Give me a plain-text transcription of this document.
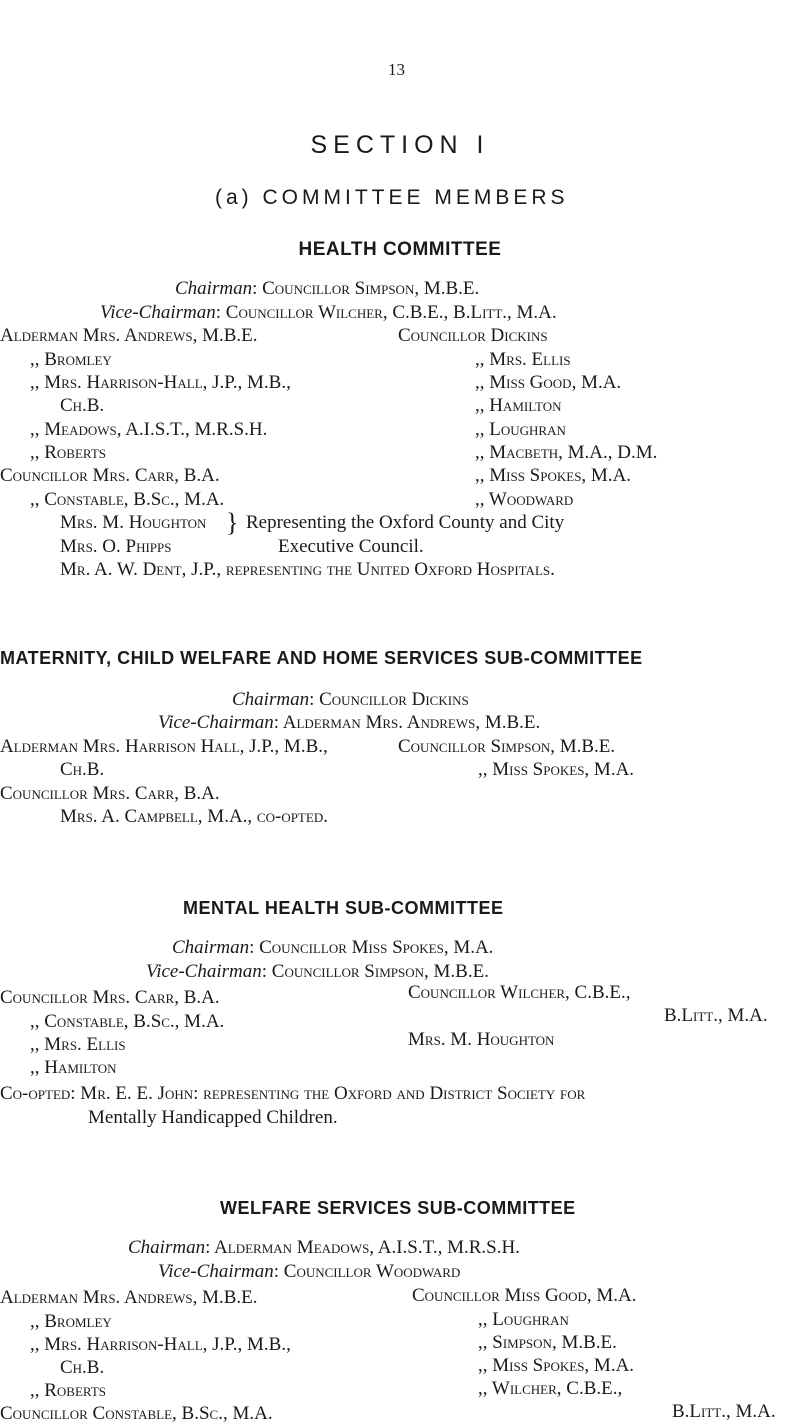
13
SECTION I
(a) COMMITTEE MEMBERS
HEALTH COMMITTEE
Chairman: Councillor Simpson, M.B.E.
Vice-Chairman: Councillor Wilcher, C.B.E., B.Litt., M.A.
Alderman Mrs. Andrews, M.B.E.
,, Bromley
,, Mrs. Harrison-Hall, J.P., M.B.,
Ch.B.
,, Meadows, A.I.S.T., M.R.S.H.
,, Roberts
Councillor Mrs. Carr, B.A.
,, Constable, B.Sc., M.A.
Councillor Dickins
,, Mrs. Ellis
,, Miss Good, M.A.
,, Hamilton
,, Loughran
,, Macbeth, M.A., D.M.
,, Miss Spokes, M.A.
,, Woodward
Mrs. M. Houghton
Mrs. O. Phipps
} Representing the Oxford County and City
Executive Council.
Mr. A. W. Dent, J.P., representing the United Oxford Hospitals.
MATERNITY, CHILD WELFARE AND HOME SERVICES SUB-COMMITTEE
Chairman: Councillor Dickins
Vice-Chairman: Alderman Mrs. Andrews, M.B.E.
Alderman Mrs. Harrison Hall, J.P., M.B.,
Ch.B.
Councillor Mrs. Carr, B.A.
Councillor Simpson, M.B.E.
,, Miss Spokes, M.A.
Mrs. A. Campbell, M.A., co-opted.
MENTAL HEALTH SUB-COMMITTEE
Chairman: Councillor Miss Spokes, M.A.
Vice-Chairman: Councillor Simpson, M.B.E.
Councillor Mrs. Carr, B.A.
,, Constable, B.Sc., M.A.
,, Mrs. Ellis
,, Hamilton
Councillor Wilcher, C.B.E.,
B.Litt., M.A.
Mrs. M. Houghton
Co-opted: Mr. E. E. John: representing the Oxford and District Society for
Mentally Handicapped Children.
WELFARE SERVICES SUB-COMMITTEE
Chairman: Alderman Meadows, A.I.S.T., M.R.S.H.
Vice-Chairman: Councillor Woodward
Alderman Mrs. Andrews, M.B.E.
,, Bromley
,, Mrs. Harrison-Hall, J.P., M.B.,
Ch.B.
,, Roberts
Councillor Constable, B.Sc., M.A.
Councillor Miss Good, M.A.
,, Loughran
,, Simpson, M.B.E.
,, Miss Spokes, M.A.
,, Wilcher, C.B.E.,
B.Litt., M.A.
